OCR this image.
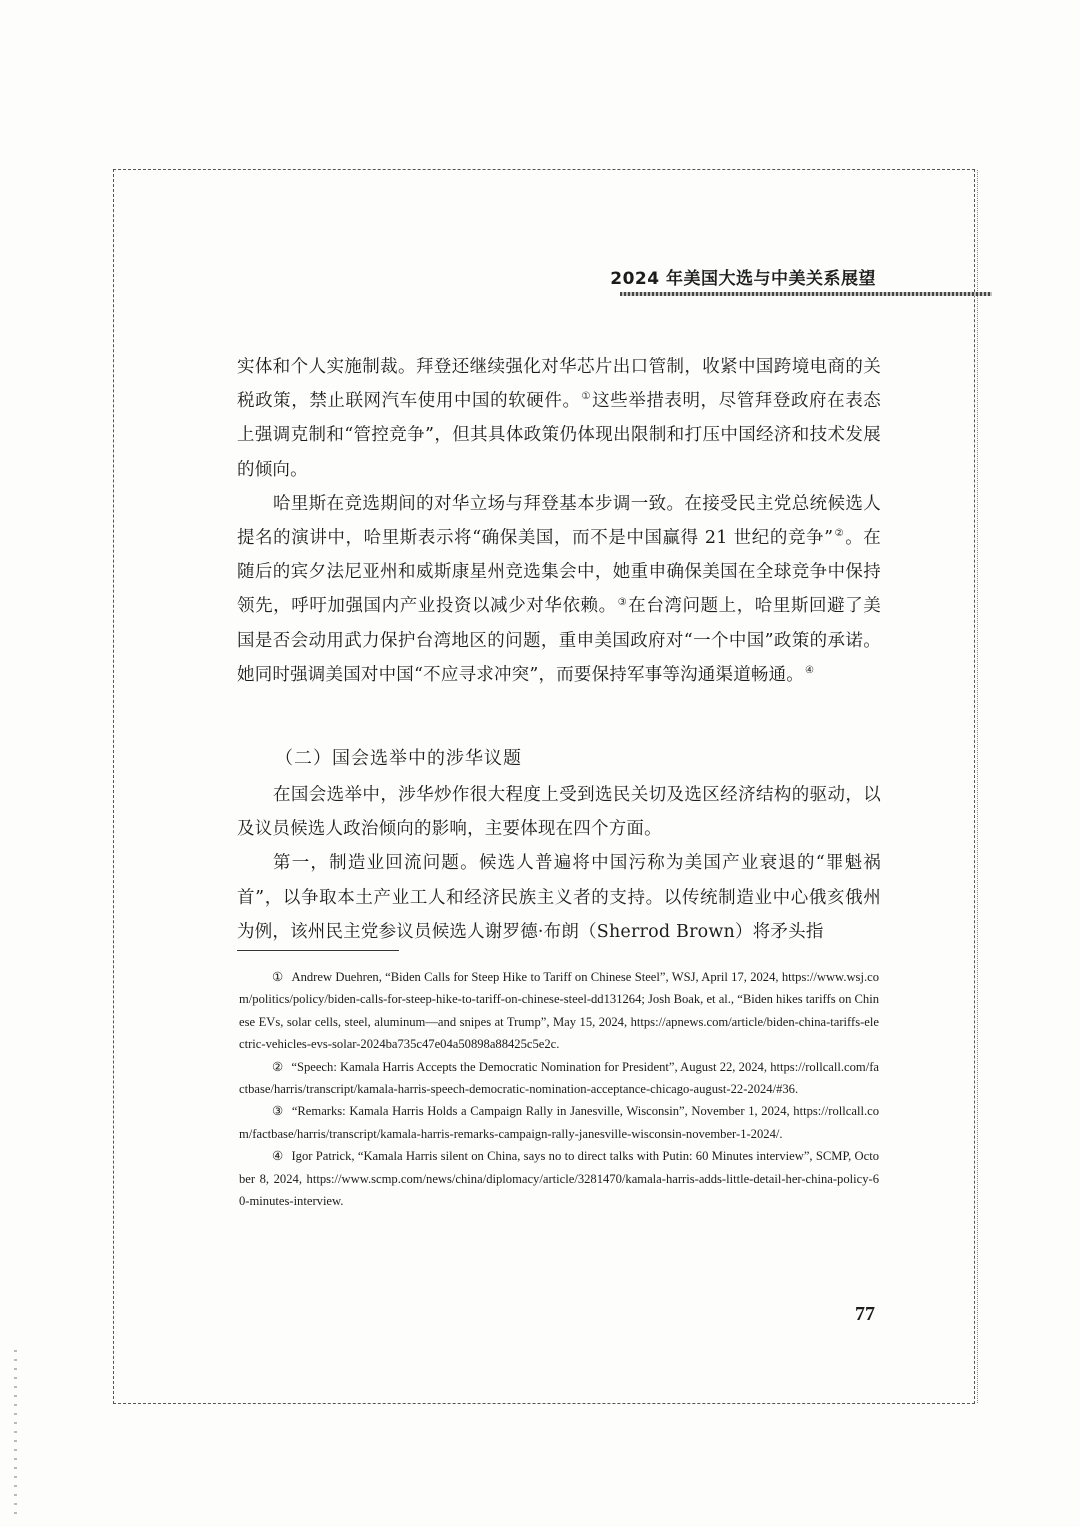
2024 年美国大选与中美关系展望

实体和个人实施制裁。拜登还继续强化对华芯片出口管制，收紧中国跨境电商的关税政策，禁止联网汽车使用中国的软硬件。①这些举措表明，尽管拜登政府在表态上强调克制和“管控竞争”，但其具体政策仍体现出限制和打压中国经济和技术发展的倾向。

哈里斯在竞选期间的对华立场与拜登基本步调一致。在接受民主党总统候选人提名的演讲中，哈里斯表示将“确保美国，而不是中国赢得 21 世纪的竞争”②。在随后的宾夕法尼亚州和威斯康星州竞选集会中，她重申确保美国在全球竞争中保持领先，呼吁加强国内产业投资以减少对华依赖。③在台湾问题上，哈里斯回避了美国是否会动用武力保护台湾地区的问题，重申美国政府对“一个中国”政策的承诺。她同时强调美国对中国“不应寻求冲突”，而要保持军事等沟通渠道畅通。④

（二）国会选举中的涉华议题

在国会选举中，涉华炒作很大程度上受到选民关切及选区经济结构的驱动，以及议员候选人政治倾向的影响，主要体现在四个方面。

第一，制造业回流问题。候选人普遍将中国污称为美国产业衰退的“罪魁祸首”，以争取本土产业工人和经济民族主义者的支持。以传统制造业中心俄亥俄州为例，该州民主党参议员候选人谢罗德·布朗（Sherrod Brown）将矛头指

① Andrew Duehren, “Biden Calls for Steep Hike to Tariff on Chinese Steel”, WSJ, April 17, 2024, https://www.wsj.com/politics/policy/biden-calls-for-steep-hike-to-tariff-on-chinese-steel-dd131264; Josh Boak, et al., “Biden hikes tariffs on Chinese EVs, solar cells, steel, aluminum—and snipes at Trump”, May 15, 2024, https://apnews.com/article/biden-china-tariffs-electric-vehicles-evs-solar-2024ba735c47e04a50898a88425c5e2c.

② “Speech: Kamala Harris Accepts the Democratic Nomination for President”, August 22, 2024, https://rollcall.com/factbase/harris/transcript/kamala-harris-speech-democratic-nomination-acceptance-chicago-august-22-2024/#36.

③ “Remarks: Kamala Harris Holds a Campaign Rally in Janesville, Wisconsin”, November 1, 2024, https://rollcall.com/factbase/harris/transcript/kamala-harris-remarks-campaign-rally-janesville-wisconsin-november-1-2024/.

④ Igor Patrick, “Kamala Harris silent on China, says no to direct talks with Putin: 60 Minutes interview”, SCMP, October 8, 2024, https://www.scmp.com/news/china/diplomacy/article/3281470/kamala-harris-adds-little-detail-her-china-policy-60-minutes-interview.

77
